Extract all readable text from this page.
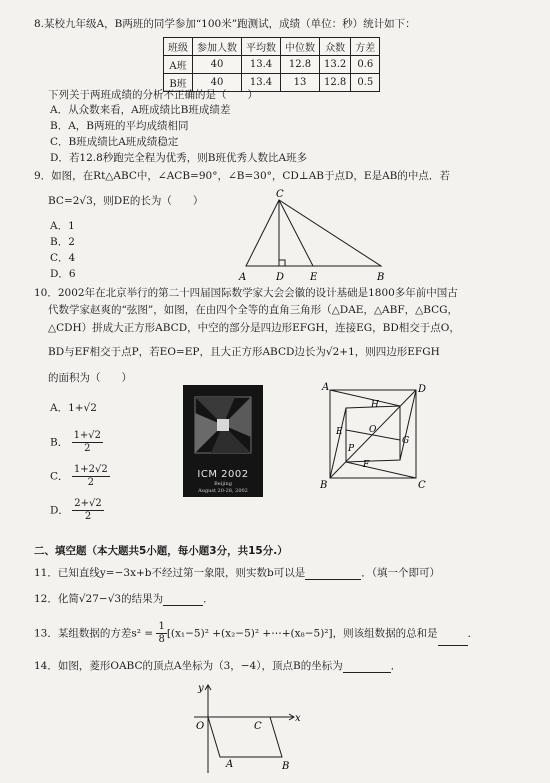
8.某校九年级A，B两班的同学参加“100米”跑测试，成绩（单位：秒）统计如下：
班级	参加人数	平均数	中位数	众数	方差
A班	40	13.4	12.8	13.2	0.6
B班	40	13.4	13	12.8	0.5
下列关于两班成绩的分析不正确的是（　　）
A．从众数来看，A班成绩比B班成绩差
B．A，B两班的平均成绩相同
C．B班成绩比A班成绩稳定
D．若12.8秒跑完全程为优秀，则B班优秀人数比A班多
9．如图，在Rt△ABC中，∠ACB=90°，∠B=30°，CD⊥AB于点D，E是AB的中点．若
BC=2√3，则DE的长为（　　）
A．1
B．2
C．4
D．6
C
A	D	E	B
10．2002年在北京举行的第二十四届国际数学家大会会徽的设计基础是1800多年前中国古
代数学家赵爽的“弦图”，如图，在由四个全等的直角三角形（△DAE，△ABF，△BCG，
△CDH）拼成大正方形ABCD，中空的部分是四边形EFGH，连接EG，BD相交于点O，
BD与EF相交于点P，若EO=EP，且大正方形ABCD边长为√2+1，则四边形EFGH
的面积为（　　）
A．1+√2
B． $\frac{1+√2}{2}$
C． $\frac{1+2√2}{2}$
D． $\frac{2+√2}{2}$
ICM 2002
Beijing
August 20-28, 2002
A	D
B	C
H
E	O
G
P
F
二、填空题（本大题共5小题，每小题3分，共15分.）
11．已知直线y=−3x+b不经过第一象限，则实数b可以是	．（填一个即可）
12．化简√27−√3的结果为	．
13．某组数据的方差$s^2 = \frac{1}{8} [(x_1-5)^2 +(x_2-5)^2$ +⋯+(x₈−5)²]，则该组数据的总和是	．
14．如图，菱形OABC的顶点A坐标为（3，−4），顶点B的坐标为	．
y
x
O	C
A	B
